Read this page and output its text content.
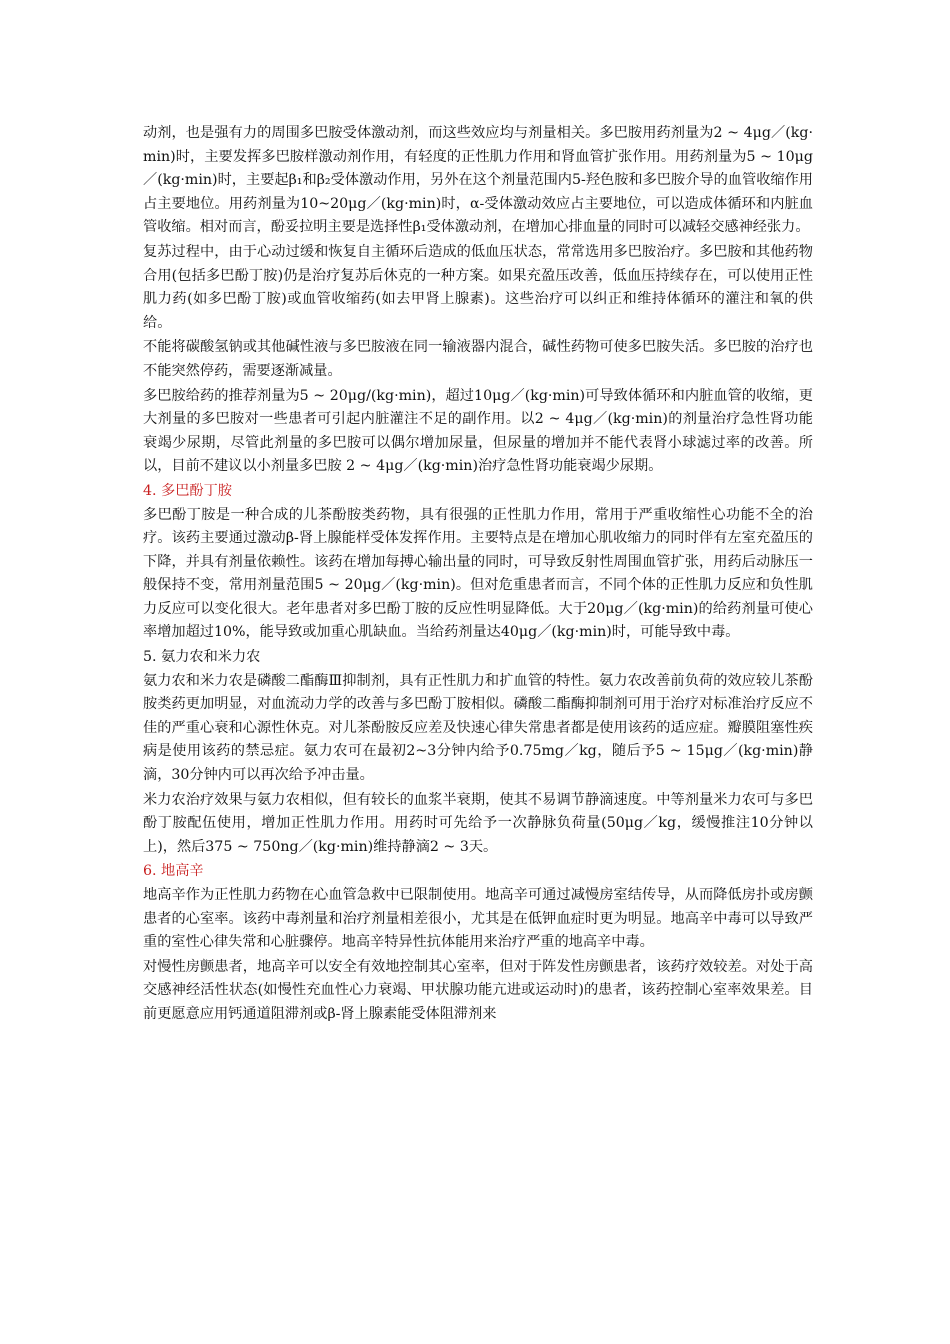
动剂，也是强有力的周围多巴胺受体激动剂，而这些效应均与剂量相关。多巴胺用药剂量为2 ~ 4μg／(kg·min)时，主要发挥多巴胺样激动剂作用，有轻度的正性肌力作用和肾血管扩张作用。用药剂量为5 ~ 10μg／(kg·min)时，主要起β₁和β₂受体激动作用，另外在这个剂量范围内5-羟色胺和多巴胺介导的血管收缩作用占主要地位。用药剂量为10~20μg／(kg·min)时，α-受体激动效应占主要地位，可以造成体循环和内脏血管收缩。相对而言，酚妥拉明主要是选择性β₁受体激动剂，在增加心排血量的同时可以减轻交感神经张力。

复苏过程中，由于心动过缓和恢复自主循环后造成的低血压状态，常常选用多巴胺治疗。多巴胺和其他药物合用(包括多巴酚丁胺)仍是治疗复苏后休克的一种方案。如果充盈压改善，低血压持续存在，可以使用正性肌力药(如多巴酚丁胺)或血管收缩药(如去甲肾上腺素)。这些治疗可以纠正和维持体循环的灌注和氧的供给。

不能将碳酸氢钠或其他碱性液与多巴胺液在同一输液器内混合，碱性药物可使多巴胺失活。多巴胺的治疗也不能突然停药，需要逐渐减量。

多巴胺给药的推荐剂量为5 ~ 20μg/(kg·min)，超过10μg／(kg·min)可导致体循环和内脏血管的收缩，更大剂量的多巴胺对一些患者可引起内脏灌注不足的副作用。以2 ~ 4μg／(kg·min)的剂量治疗急性肾功能衰竭少尿期，尽管此剂量的多巴胺可以偶尔增加尿量，但尿量的增加并不能代表肾小球滤过率的改善。所以，目前不建议以小剂量多巴胺 2 ~ 4μg／(kg·min)治疗急性肾功能衰竭少尿期。

4. 多巴酚丁胺

多巴酚丁胺是一种合成的儿茶酚胺类药物，具有很强的正性肌力作用，常用于严重收缩性心功能不全的治疗。该药主要通过激动β-肾上腺能样受体发挥作用。主要特点是在增加心肌收缩力的同时伴有左室充盈压的下降，并具有剂量依赖性。该药在增加每搏心输出量的同时，可导致反射性周围血管扩张，用药后动脉压一般保持不变，常用剂量范围5 ~ 20μg／(kg·min)。但对危重患者而言，不同个体的正性肌力反应和负性肌力反应可以变化很大。老年患者对多巴酚丁胺的反应性明显降低。大于20μg／(kg·min)的给药剂量可使心率增加超过10%，能导致或加重心肌缺血。当给药剂量达40μg／(kg·min)时，可能导致中毒。

5. 氨力农和米力农

氨力农和米力农是磷酸二酯酶Ⅲ抑制剂，具有正性肌力和扩血管的特性。氨力农改善前负荷的效应较儿茶酚胺类药更加明显，对血流动力学的改善与多巴酚丁胺相似。磷酸二酯酶抑制剂可用于治疗对标准治疗反应不佳的严重心衰和心源性休克。对儿茶酚胺反应差及快速心律失常患者都是使用该药的适应症。瓣膜阻塞性疾病是使用该药的禁忌症。氨力农可在最初2~3分钟内给予0.75mg／kg，随后予5 ~ 15μg／(kg·min)静滴，30分钟内可以再次给予冲击量。

米力农治疗效果与氨力农相似，但有较长的血浆半衰期，使其不易调节静滴速度。中等剂量米力农可与多巴酚丁胺配伍使用，增加正性肌力作用。用药时可先给予一次静脉负荷量(50μg／kg，缓慢推注10分钟以上)，然后375 ~ 750ng／(kg·min)维持静滴2 ~ 3天。

6. 地高辛

地高辛作为正性肌力药物在心血管急救中已限制使用。地高辛可通过减慢房室结传导，从而降低房扑或房颤患者的心室率。该药中毒剂量和治疗剂量相差很小，尤其是在低钾血症时更为明显。地高辛中毒可以导致严重的室性心律失常和心脏骤停。地高辛特异性抗体能用来治疗严重的地高辛中毒。

对慢性房颤患者，地高辛可以安全有效地控制其心室率，但对于阵发性房颤患者，该药疗效较差。对处于高交感神经活性状态(如慢性充血性心力衰竭、甲状腺功能亢进或运动时)的患者，该药控制心室率效果差。目前更愿意应用钙通道阻滞剂或β-肾上腺素能受体阻滞剂来
